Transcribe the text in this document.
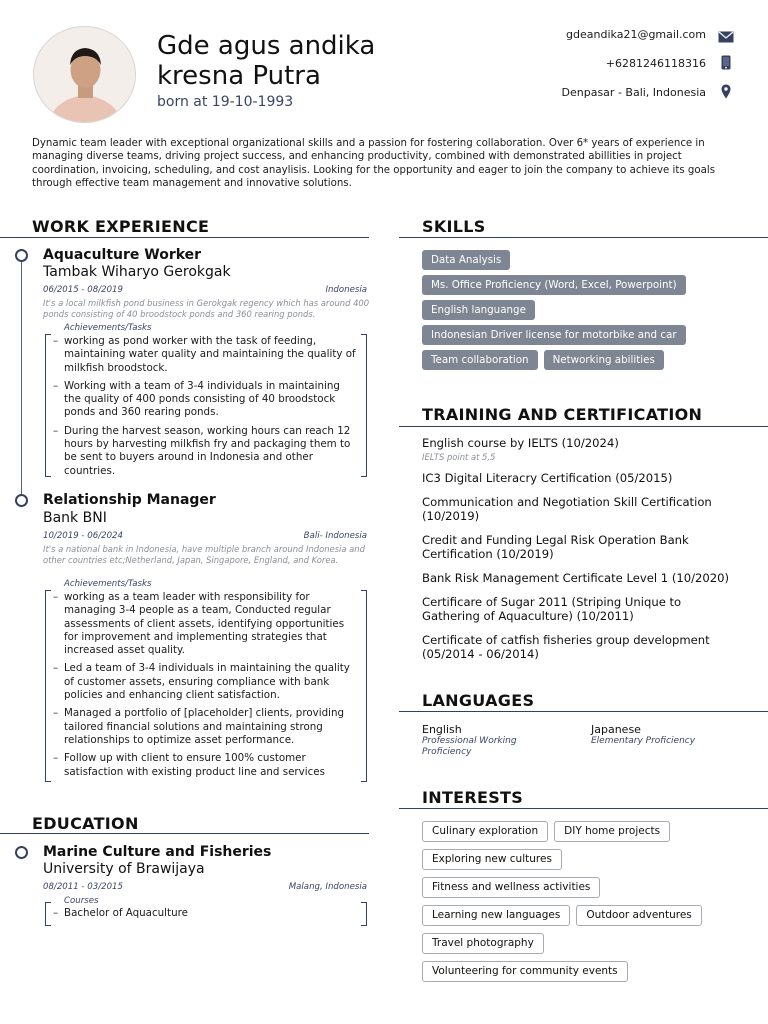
Gde agus andika
kresna Putra
born at 19-10-1993
gdeandika21@gmail.com
+6281246118316
Denpasar - Bali, Indonesia
Dynamic team leader with exceptional organizational skills and a passion for fostering collaboration. Over 6* years of experience in managing diverse teams, driving project success, and enhancing productivity, combined with demonstrated abillities in project coordination, invoicing, scheduling, and cost anaylisis. Looking for the opportunity and eager to join the company to achieve its goals through effective team management and innovative solutions.
WORK EXPERIENCE
Aquaculture Worker
Tambak Wiharyo Gerokgak
06/2015 - 08/2019	Indonesia
It's a local milkfish pond business in Gerokgak regency which has around 400 ponds consisting of 40 broodstock ponds and 360 rearing ponds.
Achievements/Tasks
– working as pond worker with the task of feeding, maintaining water quality and maintaining the quality of milkfish broodstock.
– Working with a team of 3-4 individuals in maintaining the quality of 400 ponds consisting of 40 broodstock ponds and 360 rearing ponds.
– During the harvest season, working hours can reach 12 hours by harvesting milkfish fry and packaging them to be sent to buyers around in Indonesia and other countries.
Relationship Manager
Bank BNI
10/2019 - 06/2024	Bali- Indonesia
It's a national bank in Indonesia, have multiple branch around Indonesia and other countries etc;Netherland, Japan, Singapore, England, and Korea.
Achievements/Tasks
– working as a team leader with responsibility for managing 3-4 people as a team, Conducted regular assessments of client assets, identifying opportunities for improvement and implementing strategies that increased asset quality.
– Led a team of 3-4 individuals in maintaining the quality of customer assets, ensuring compliance with bank policies and enhancing client satisfaction.
– Managed a portfolio of [placeholder] clients, providing tailored financial solutions and maintaining strong relationships to optimize asset performance.
– Follow up with client to ensure 100% customer satisfaction with existing product line and services
EDUCATION
Marine Culture and Fisheries
University of Brawijaya
08/2011 - 03/2015	Malang, Indonesia
Courses
– Bachelor of Aquaculture
SKILLS
Data Analysis
Ms. Office Proficiency (Word, Excel, Powerpoint)
English languange
Indonesian Driver license for motorbike and car
Team collaboration	Networking abilities
TRAINING AND CERTIFICATION
English course by IELTS (10/2024)
IELTS point at 5,5
IC3 Digital Literacry Certification (05/2015)
Communication and Negotiation Skill Certification
(10/2019)
Credit and Funding Legal Risk Operation Bank Certification (10/2019)
Bank Risk Management Certificate Level 1 (10/2020)
Certificare of Sugar 2011 (Striping Unique to Gathering of Aquaculture) (10/2011)
Certificate of catfish fisheries group development
(05/2014 - 06/2014)
LANGUAGES
English
Professional Working Proficiency
Japanese
Elementary Proficiency
INTERESTS
Culinary exploration	DIY home projects
Exploring new cultures
Fitness and wellness activities
Learning new languages	Outdoor adventures
Travel photography
Volunteering for community events
